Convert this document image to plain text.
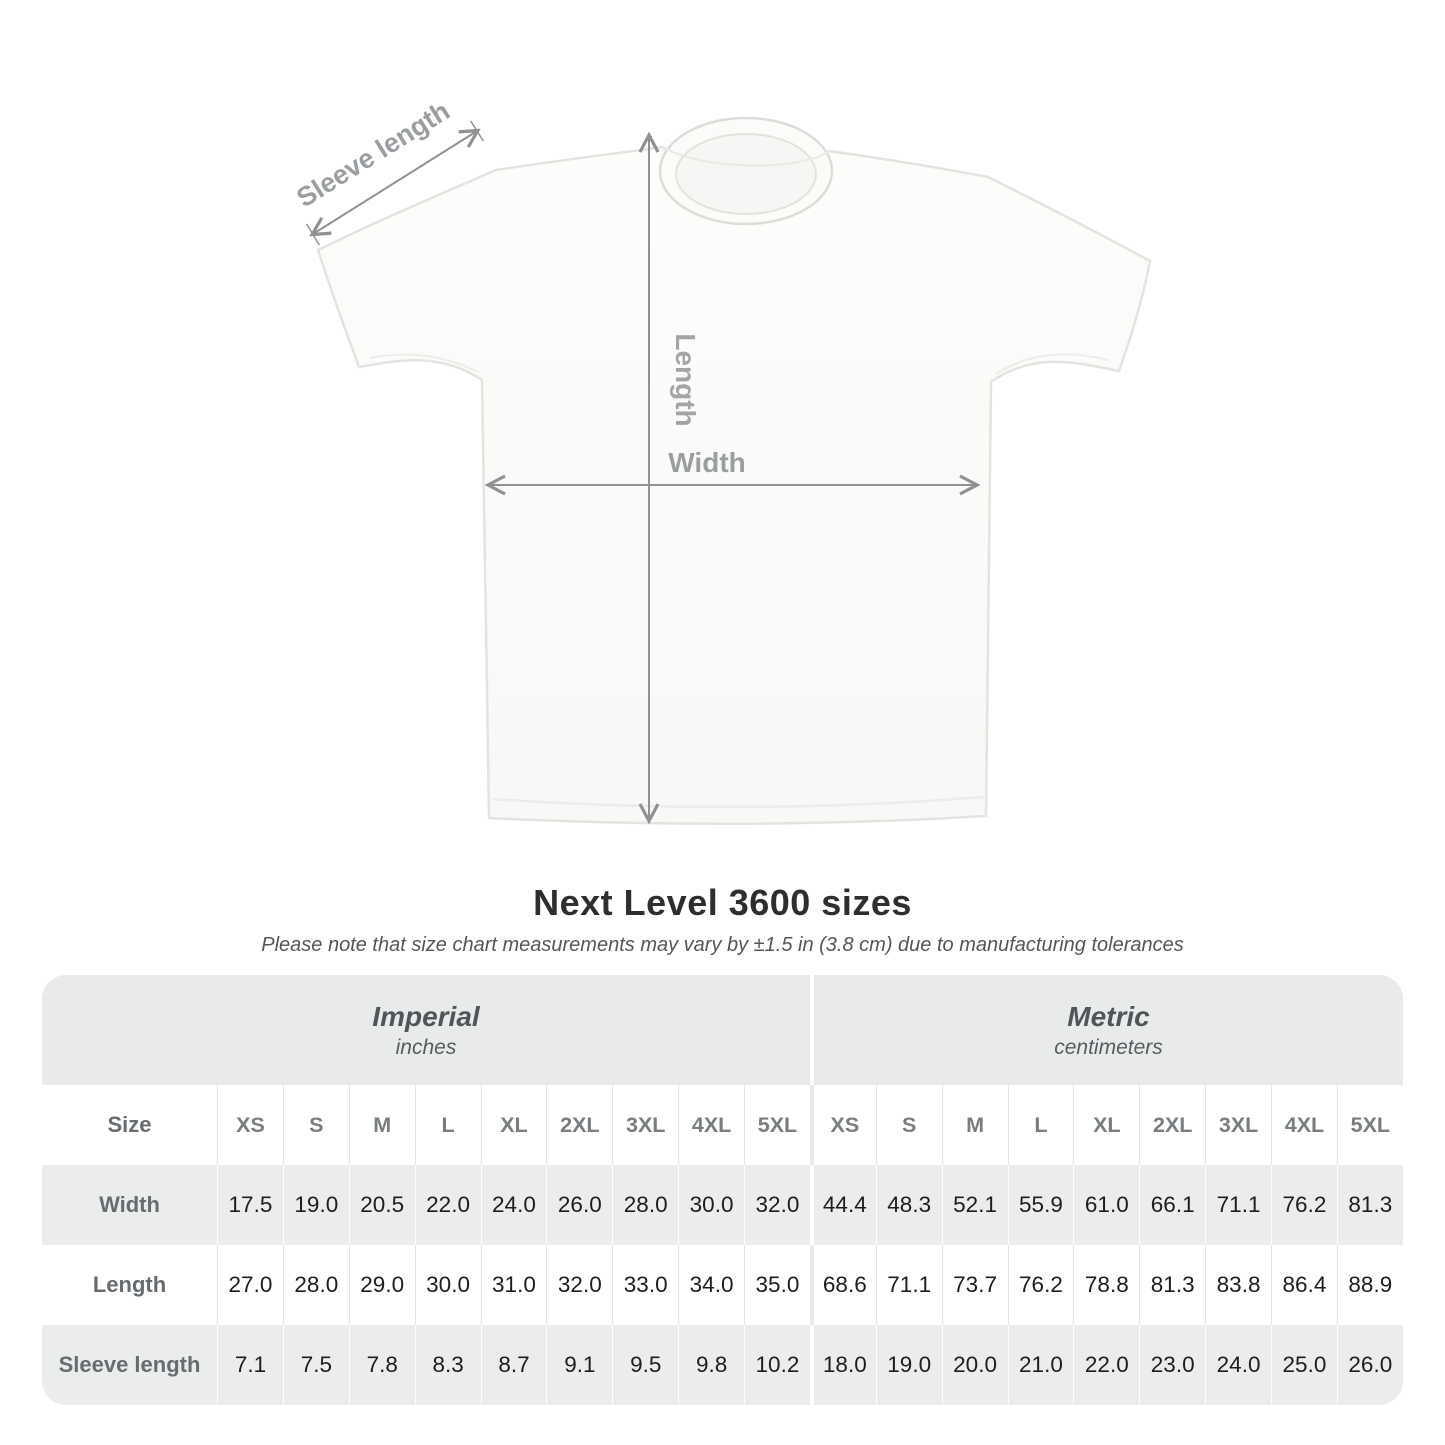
Sleeve length
Length
Width
Next Level 3600 sizes
Please note that size chart measurements may vary by ±1.5 in (3.8 cm) due to manufacturing tolerances
Imperial
inches
Metric
centimeters
Size	XS	S	M	L	XL	2XL	3XL	4XL	5XL	XS	S	M	L	XL	2XL	3XL	4XL	5XL
Width	17.5 19.0 20.5 22.0 24.0 26.0 28.0 30.0 32.0	44.4 48.3 52.1 55.9 61.0 66.1 71.1 76.2 81.3
Length	27.0 28.0 29.0 30.0 31.0 32.0 33.0 34.0 35.0	68.6 71.1 73.7 76.2 78.8 81.3 83.8 86.4 88.9
Sleeve length	7.1	7.5	7.8	8.3	8.7	9.1	9.5	9.8	10.2	18.0 19.0 20.0 21.0 22.0 23.0 24.0 25.0 26.0
